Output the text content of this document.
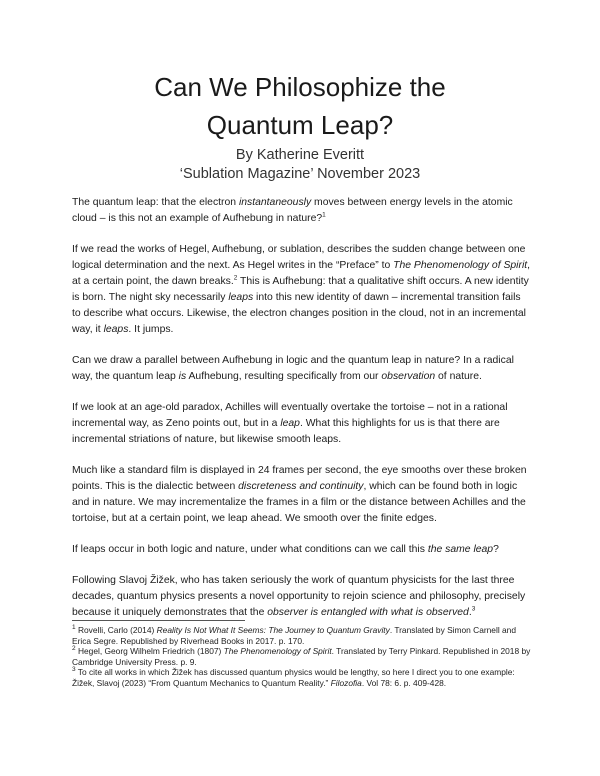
Can We Philosophize the
Quantum Leap?
By Katherine Everitt
‘Sublation Magazine’ November 2023

The quantum leap: that the electron instantaneously moves between energy levels in the atomic cloud – is this not an example of Aufhebung in nature?$^1$

If we read the works of Hegel, Aufhebung, or sublation, describes the sudden change between one logical determination and the next. As Hegel writes in the “Preface” to The Phenomenology of Spirit, at a certain point, the dawn breaks.$^2$ This is Aufhebung: that a qualitative shift occurs. A new identity is born. The night sky necessarily leaps into this new identity of dawn – incremental transition fails to describe what occurs. Likewise, the electron changes position in the cloud, not in an incremental way, it leaps. It jumps.

Can we draw a parallel between Aufhebung in logic and the quantum leap in nature? In a radical way, the quantum leap is Aufhebung, resulting specifically from our observation of nature.

If we look at an age-old paradox, Achilles will eventually overtake the tortoise – not in a rational incremental way, as Zeno points out, but in a leap. What this highlights for us is that there are incremental striations of nature, but likewise smooth leaps.

Much like a standard film is displayed in 24 frames per second, the eye smooths over these broken points. This is the dialectic between discreteness and continuity, which can be found both in logic and in nature. We may incrementalize the frames in a film or the distance between Achilles and the tortoise, but at a certain point, we leap ahead. We smooth over the finite edges.

If leaps occur in both logic and nature, under what conditions can we call this the same leap?

Following Slavoj Žižek, who has taken seriously the work of quantum physicists for the last three decades, quantum physics presents a novel opportunity to rejoin science and philosophy, precisely because it uniquely demonstrates that the observer is entangled with what is observed.$^3$

$^1$ Rovelli, Carlo (2014) Reality Is Not What It Seems: The Journey to Quantum Gravity. Translated by Simon Carnell and Erica Segre. Republished by Riverhead Books in 2017. p. 170.
$^2$ Hegel, Georg Wilhelm Friedrich (1807) The Phenomenology of Spirit. Translated by Terry Pinkard. Republished in 2018 by Cambridge University Press. p. 9.
$^3$ To cite all works in which Žižek has discussed quantum physics would be lengthy, so here I direct you to one example: Žižek, Slavoj (2023) “From Quantum Mechanics to Quantum Reality.” Filozofia. Vol 78: 6. p. 409-428.
